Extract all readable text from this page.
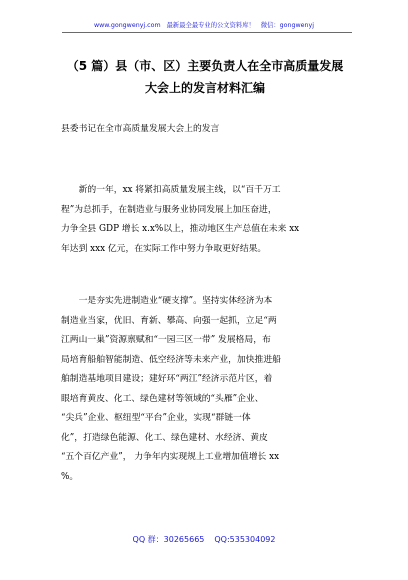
www.gongwenyj.com 最新最全最专业的公文资料库！ 微信：gongwenyj
（5 篇）县（市、区）主要负责人在全市高质量发展
大会上的发言材料汇编
县委书记在全市高质量发展大会上的发言
新的一年，xx 将紧扣高质量发展主线，以“百千万工
程”为总抓手，在制造业与服务业协同发展上加压奋进，
力争全县 GDP 增长 x.x%以上，推动地区生产总值在未来 xx
年达到 xxx 亿元，在实际工作中努力争取更好结果。
一是夯实先进制造业“硬支撑”。坚持实体经济为本
制造业当家，优旧、育新、攀高、向强一起抓，立足“两
江两山一巢”资源禀赋和“一园三区一带” 发展格局，布
局培育船舶智能制造、低空经济等未来产业，加快推进船
舶制造基地项目建设；建好环“两江”经济示范片区，着
眼培育黄皮、化工、绿色建材等领域的“头雁”企业、
“尖兵”企业、枢纽型“平台”企业，实现“群链一体
化”，打造绿色能源、化工、绿色建材、水经济、黄皮
“五个百亿产业”， 力争年内实现规上工业增加值增长 xx
%。
QQ 群：30265665 QQ:535304092
